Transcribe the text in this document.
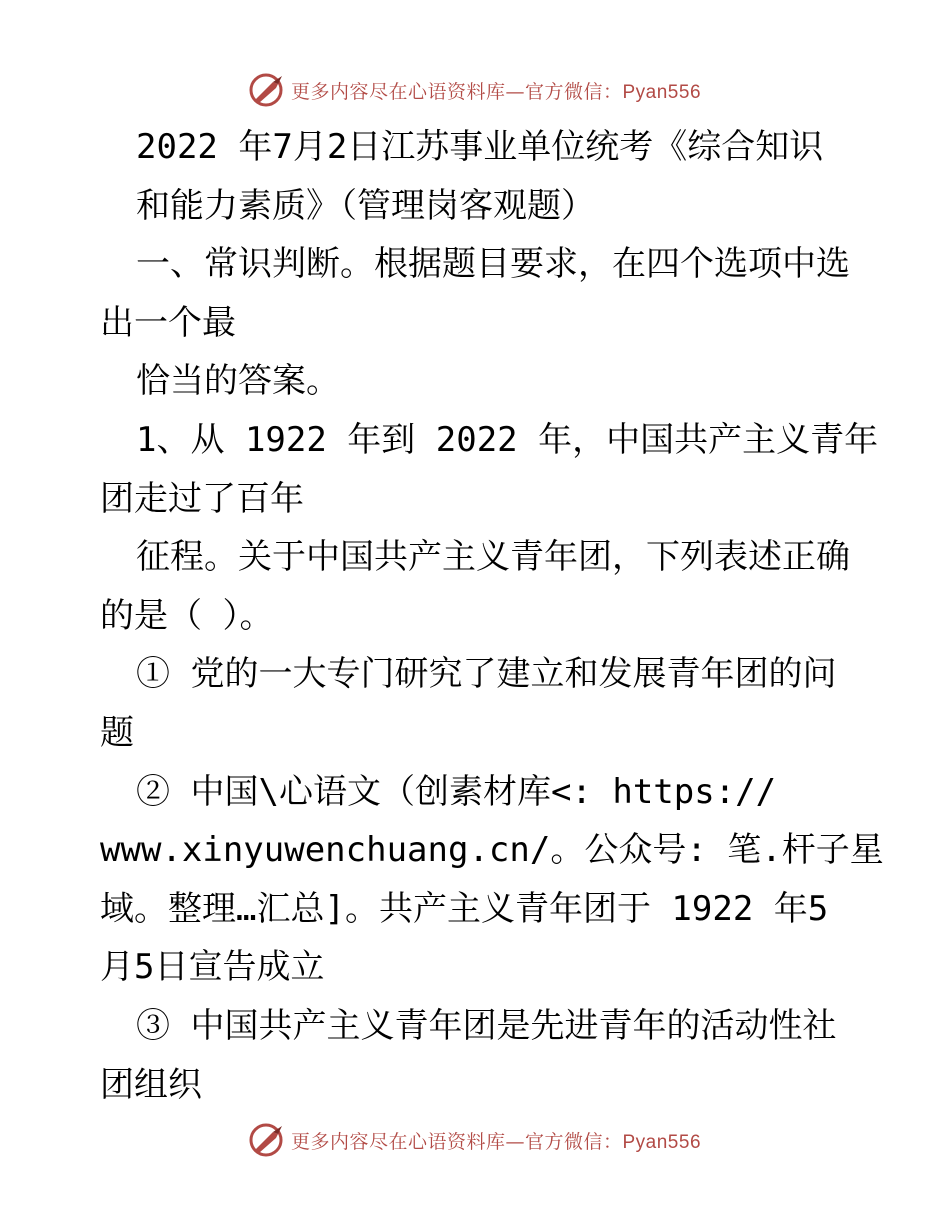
更多内容尽在心语资料库—官方微信：Pyan556
2022 年7月2日江苏事业单位统考《综合知识
和能力素质》（管理岗客观题）
一、常识判断。根据题目要求，在四个选项中选
出一个最
恰当的答案。
1、从 1922 年到 2022 年，中国共产主义青年
团走过了百年
征程。关于中国共产主义青年团，下列表述正确
的是（ ）。
① 党的一大专门研究了建立和发展青年团的问
题
② 中国\心语文（创素材库<: https://
www.xinyuwenchuang.cn/。公众号: 笔.杆子星
域。整理…汇总]。共产主义青年团于 1922 年5
月5日宣告成立
③ 中国共产主义青年团是先进青年的活动性社
团组织
更多内容尽在心语资料库—官方微信：Pyan556
